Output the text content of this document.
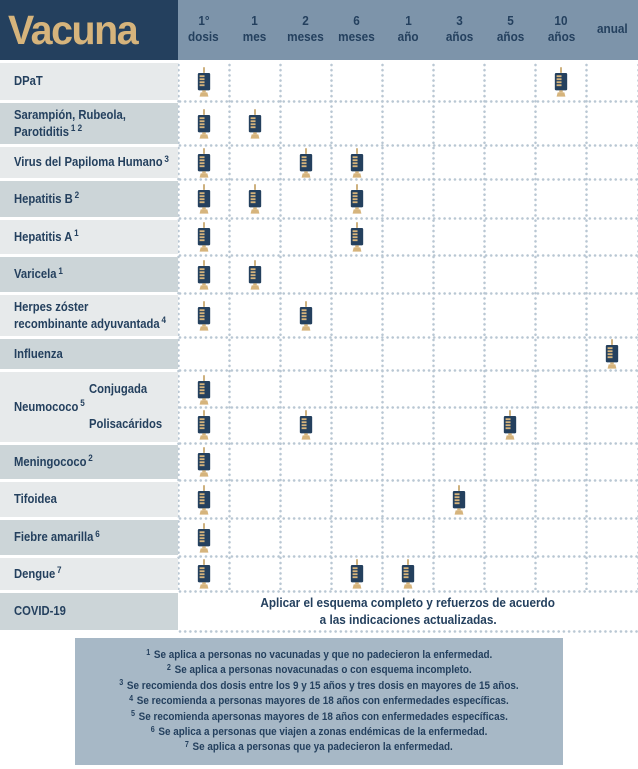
Vacuna	1°
dosis
1
mes
2
meses
6
meses
1
año
3
años
5
años
10
años
anual
DPaT
Sarampión, Rubeola,
Parotiditis $^{1 2}$
Virus del Papiloma Humano $^3$
Hepatitis B $^2$
Hepatitis A $^1$
Varicela $^1$
Herpes zóster
recombinante adyuvantada $^4$
Influenza
Neumococo $^5$
Conjugada
Polisacáridos
Meningococo $^2$
Tifoidea
Fiebre amarilla $^6$
Dengue $^7$
COVID-19
Aplicar el esquema completo y refuerzos de acuerdo
a las indicaciones actualizadas.
$^1$ Se aplica a personas no vacunadas y que no padecieron la enfermedad.
$^2$ Se aplica a personas novacunadas o con esquema incompleto.
$^3$ Se recomienda dos dosis entre los 9 y 15 años y tres dosis en mayores de 15 años.
$^4$ Se recomienda a personas mayores de 18 años con enfermedades específicas.
$^5$ Se recomienda apersonas mayores de 18 años con enfermedades específicas.
$^6$ Se aplica a personas que viajen a zonas endémicas de la enfermedad.
$^7$ Se aplica a personas que ya padecieron la enfermedad.
